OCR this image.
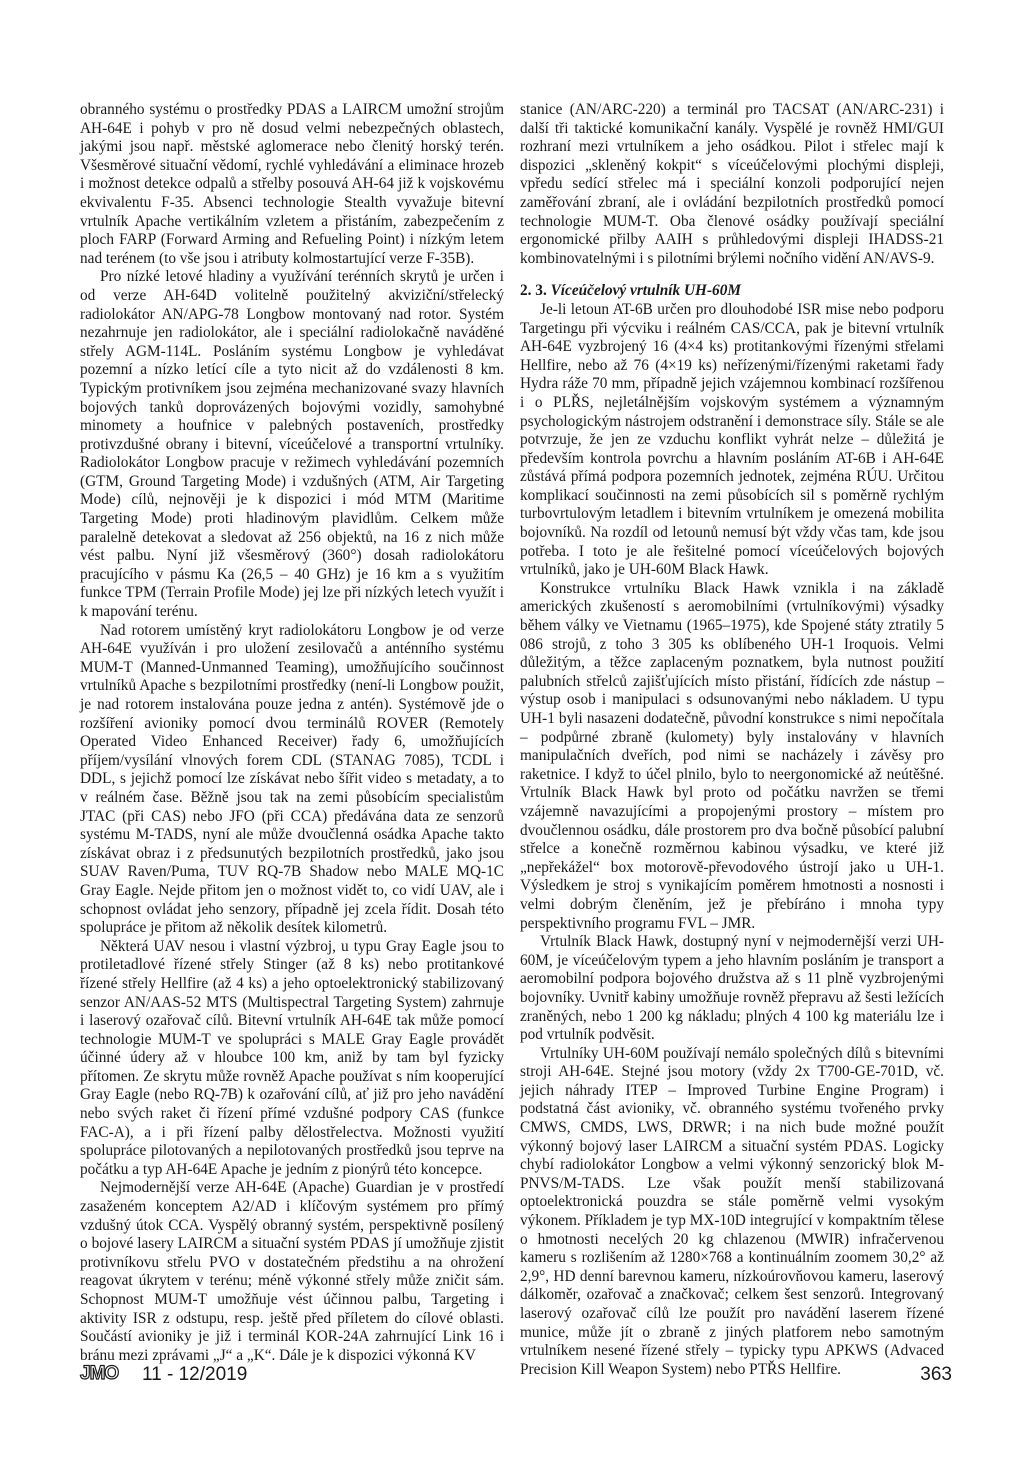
obranného systému o prostředky PDAS a LAIRCM umožní strojům AH-64E i pohyb v pro ně dosud velmi nebezpečných oblastech, jakými jsou např. městské aglomerace nebo členitý horský terén. Všesměrové situační vědomí, rychlé vyhledávání a eliminace hrozeb i možnost detekce odpalů a střelby posouvá AH-64 již k vojskovému ekvivalentu F-35. Absenci technologie Stealth vyvažuje bitevní vrtulník Apache vertikálním vzletem a přistáním, zabezpečením z ploch FARP (Forward Arming and Refueling Point) i nízkým letem nad terénem (to vše jsou i atributy kolmostartující verze F-35B).

Pro nízké letové hladiny a využívání terénních skrytů je určen i od verze AH-64D volitelně použitelný akviziční/střelecký radiolokátor AN/APG-78 Longbow montovaný nad rotor. Systém nezahrnuje jen radiolokátor, ale i speciální radiolokačně naváděné střely AGM-114L. Posláním systému Longbow je vyhledávat pozemní a nízko letící cíle a tyto nicit až do vzdálenosti 8 km. Typickým protivníkem jsou zejména mechanizované svazy hlavních bojových tanků doprovázených bojovými vozidly, samohybné minomety a houfnice v palebných postaveních, prostředky protivzdušné obrany i bitevní, víceúčelové a transportní vrtulníky. Radiolokátor Longbow pracuje v režimech vyhledávání pozemních (GTM, Ground Targeting Mode) i vzdušných (ATM, Air Targeting Mode) cílů, nejnověji je k dispozici i mód MTM (Maritime Targeting Mode) proti hladinovým plavidlům. Celkem může paralelně detekovat a sledovat až 256 objektů, na 16 z nich může vést palbu. Nyní již všesměrový (360°) dosah radiolokátoru pracujícího v pásmu Ka (26,5 – 40 GHz) je 16 km a s využitím funkce TPM (Terrain Profile Mode) jej lze při nízkých letech využít i k mapování terénu.

Nad rotorem umístěný kryt radiolokátoru Longbow je od verze AH-64E využíván i pro uložení zesilovačů a anténního systému MUM-T (Manned-Unmanned Teaming), umožňujícího součinnost vrtulníků Apache s bezpilotními prostředky (není-li Longbow použit, je nad rotorem instalována pouze jedna z antén). Systémově jde o rozšíření avioniky pomocí dvou terminálů ROVER (Remotely Operated Video Enhanced Receiver) řady 6, umožňujících příjem/vysílání vlnových forem CDL (STANAG 7085), TCDL i DDL, s jejichž pomocí lze získávat nebo šířit video s metadaty, a to v reálném čase. Běžně jsou tak na zemi působícím specialistům JTAC (při CAS) nebo JFO (při CCA) předávána data ze senzorů systému M-TADS, nyní ale může dvoučlenná osádka Apache takto získávat obraz i z předsunutých bezpilotních prostředků, jako jsou SUAV Raven/Puma, TUV RQ-7B Shadow nebo MALE MQ-1C Gray Eagle. Nejde přitom jen o možnost vidět to, co vidí UAV, ale i schopnost ovládat jeho senzory, případně jej zcela řídit. Dosah této spolupráce je přitom až několik desítek kilometrů.

Některá UAV nesou i vlastní výzbroj, u typu Gray Eagle jsou to protiletadlové řízené střely Stinger (až 8 ks) nebo protitankové řízené střely Hellfire (až 4 ks) a jeho optoelektronický stabilizovaný senzor AN/AAS-52 MTS (Multispectral Targeting System) zahrnuje i laserový ozařovač cílů. Bitevní vrtulník AH-64E tak může pomocí technologie MUM-T ve spolupráci s MALE Gray Eagle provádět účinné údery až v hloubce 100 km, aniž by tam byl fyzicky přítomen. Ze skrytu může rovněž Apache používat s ním kooperující Gray Eagle (nebo RQ-7B) k ozařování cílů, ať již pro jeho navádění nebo svých raket či řízení přímé vzdušné podpory CAS (funkce FAC-A), a i při řízení palby dělostřelectva. Možnosti využití spolupráce pilotovaných a nepilotovaných prostředků jsou teprve na počátku a typ AH-64E Apache je jedním z pionýrů této koncepce.

Nejmodernější verze AH-64E (Apache) Guardian je v prostředí zasaženém konceptem A2/AD i klíčovým systémem pro přímý vzdušný útok CCA. Vyspělý obranný systém, perspektivně posílený o bojové lasery LAIRCM a situační systém PDAS jí umožňuje zjistit protivníkovu střelu PVO v dostatečném předstihu a na ohrožení reagovat úkrytem v terénu; méně výkonné střely může zničit sám. Schopnost MUM-T umožňuje vést účinnou palbu, Targeting i aktivity ISR z odstupu, resp. ještě před příletem do cílové oblasti. Součástí avioniky je již i terminál KOR-24A zahrnující Link 16 i bránu mezi zprávami „J“ a „K“. Dále je k dispozici výkonná KV

stanice (AN/ARC-220) a terminál pro TACSAT (AN/ARC-231) i další tři taktické komunikační kanály. Vyspělé je rovněž HMI/GUI rozhraní mezi vrtulníkem a jeho osádkou. Pilot i střelec mají k dispozici „skleněný kokpit“ s víceúčelovými plochými displeji, vpředu sedící střelec má i speciální konzoli podporující nejen zaměřování zbraní, ale i ovládání bezpilotních prostředků pomocí technologie MUM-T. Oba členové osádky používají speciální ergonomické přilby AAIH s průhledovými displeji IHADSS-21 kombinovatelnými i s pilotními brýlemi nočního vidění AN/AVS-9.

2. 3. Víceúčelový vrtulník UH-60M

Je-li letoun AT-6B určen pro dlouhodobé ISR mise nebo podporu Targetingu při výcviku i reálném CAS/CCA, pak je bitevní vrtulník AH-64E vyzbrojený 16 (4×4 ks) protitankovými řízenými střelami Hellfire, nebo až 76 (4×19 ks) neřízenými/řízenými raketami řady Hydra ráže 70 mm, případně jejich vzájemnou kombinací rozšířenou i o PLŘS, nejletálnějším vojskovým systémem a významným psychologickým nástrojem odstranění i demonstrace síly. Stále se ale potvrzuje, že jen ze vzduchu konflikt vyhrát nelze – důležitá je především kontrola povrchu a hlavním posláním AT-6B i AH-64E zůstává přímá podpora pozemních jednotek, zejména RÚU. Určitou komplikací součinnosti na zemi působících sil s poměrně rychlým turbovrtulovým letadlem i bitevním vrtulníkem je omezená mobilita bojovníků. Na rozdíl od letounů nemusí být vždy včas tam, kde jsou potřeba. I toto je ale řešitelné pomocí víceúčelových bojových vrtulníků, jako je UH-60M Black Hawk.

Konstrukce vrtulníku Black Hawk vznikla i na základě amerických zkušeností s aeromobilními (vrtulníkovými) výsadky během války ve Vietnamu (1965–1975), kde Spojené státy ztratily 5 086 strojů, z toho 3 305 ks oblíbeného UH-1 Iroquois. Velmi důležitým, a těžce zaplaceným poznatkem, byla nutnost použití palubních střelců zajišťujících místo přistání, řídících zde nástup – výstup osob i manipulaci s odsunovanými nebo nákladem. U typu UH-1 byli nasazeni dodatečně, původní konstrukce s nimi nepočítala – podpůrné zbraně (kulomety) byly instalovány v hlavních manipulačních dveřích, pod nimi se nacházely i závěsy pro raketnice. I když to účel plnilo, bylo to neergonomické až neútěšné. Vrtulník Black Hawk byl proto od počátku navržen se třemi vzájemně navazujícími a propojenými prostory – místem pro dvoučlennou osádku, dále prostorem pro dva bočně působící palubní střelce a konečně rozměrnou kabinou výsadku, ve které již „nepřekážel“ box motorově-převodového ústrojí jako u UH-1. Výsledkem je stroj s vynikajícím poměrem hmotnosti a nosnosti i velmi dobrým členěním, jež je přebíráno i mnoha typy perspektivního programu FVL – JMR.

Vrtulník Black Hawk, dostupný nyní v nejmodernější verzi UH-60M, je víceúčelovým typem a jeho hlavním posláním je transport a aeromobilní podpora bojového družstva až s 11 plně vyzbrojenými bojovníky. Uvnitř kabiny umožňuje rovněž přepravu až šesti ležících zraněných, nebo 1 200 kg nákladu; plných 4 100 kg materiálu lze i pod vrtulník podvěsit.

Vrtulníky UH-60M používají nemálo společných dílů s bitevními stroji AH-64E. Stejné jsou motory (vždy 2x T700-GE-701D, vč. jejich náhrady ITEP – Improved Turbine Engine Program) i podstatná část avioniky, vč. obranného systému tvořeného prvky CMWS, CMDS, LWS, DRWR; i na nich bude možné použít výkonný bojový laser LAIRCM a situační systém PDAS. Logicky chybí radiolokátor Longbow a velmi výkonný senzorický blok M-PNVS/M-TADS. Lze však použít menší stabilizovaná optoelektronická pouzdra se stále poměrně velmi vysokým výkonem. Příkladem je typ MX-10D integrující v kompaktním tělese o hmotnosti necelých 20 kg chlazenou (MWIR) infračervenou kameru s rozlišením až 1280×768 a kontinuálním zoomem 30,2° až 2,9°, HD denní barevnou kameru, nízkoúrovňovou kameru, laserový dálkoměr, ozařovač a značkovač; celkem šest senzorů. Integrovaný laserový ozařovač cílů lze použít pro navádění laserem řízené munice, může jít o zbraně z jiných platforem nebo samotným vrtulníkem nesené řízené střely – typicky typu APKWS (Advaced Precision Kill Weapon System) nebo PTŘS Hellfire.

JMO 11 - 12/2019	363
